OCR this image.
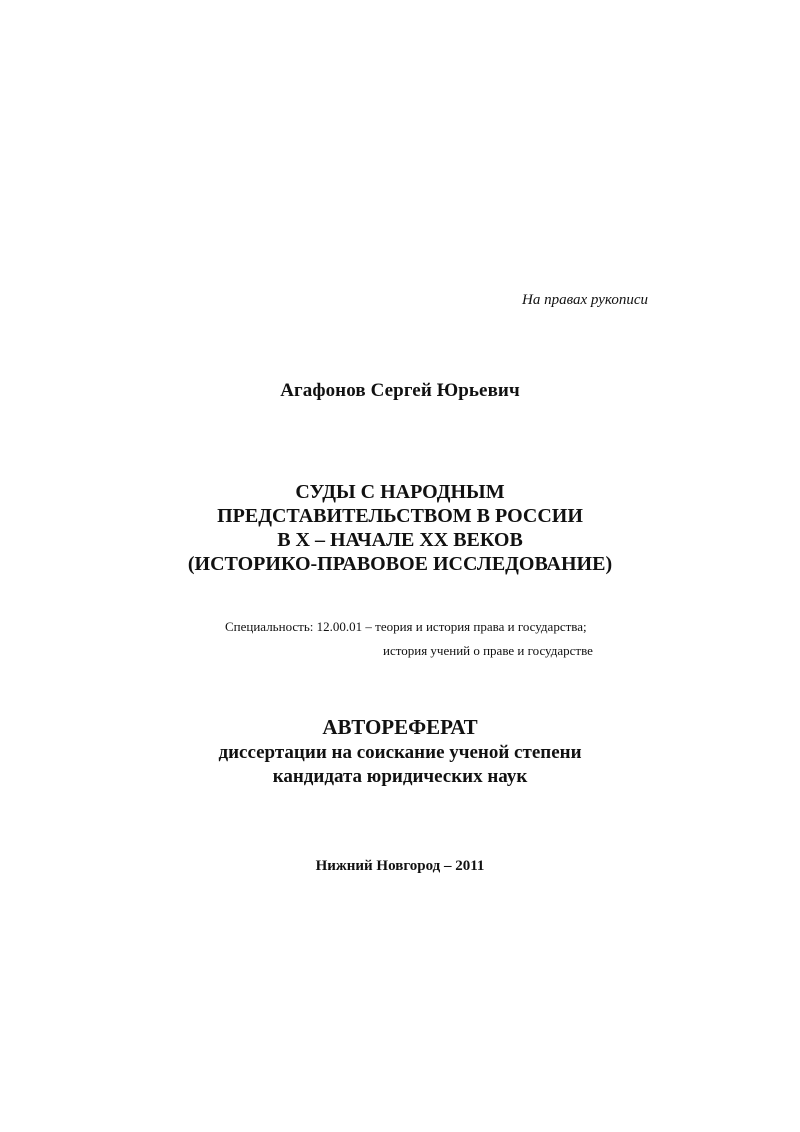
На правах рукописи
Агафонов Сергей Юрьевич
СУДЫ С НАРОДНЫМ
ПРЕДСТАВИТЕЛЬСТВОМ В РОССИИ
В Х – НАЧАЛЕ ХХ ВЕКОВ
(ИСТОРИКО-ПРАВОВОЕ ИССЛЕДОВАНИЕ)
Специальность: 12.00.01 – теория и история права и государства;
история учений о праве и государстве
АВТОРЕФЕРАТ
диссертации на соискание ученой степени
кандидата юридических наук
Нижний Новгород – 2011
